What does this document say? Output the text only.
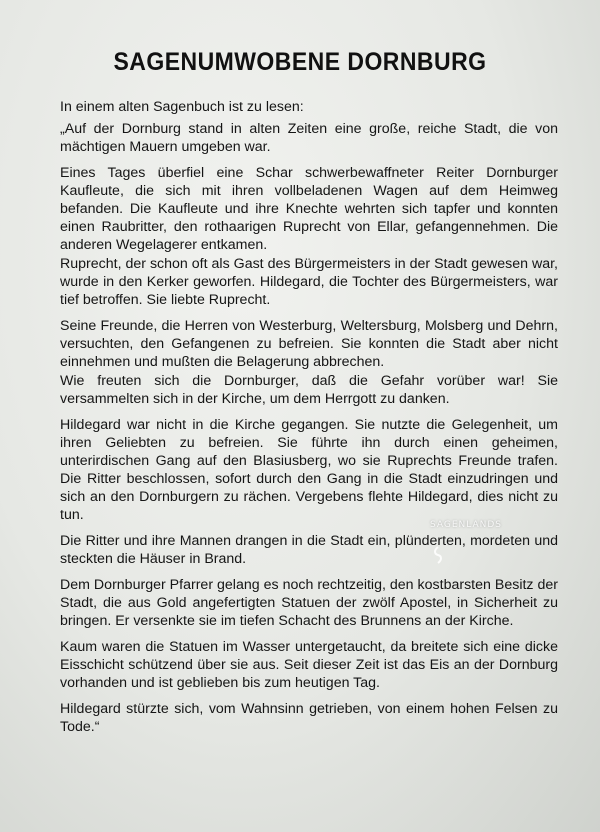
SAGENUMWOBENE DORNBURG

In einem alten Sagenbuch ist zu lesen:

„Auf der Dornburg stand in alten Zeiten eine große, reiche Stadt, die von mächtigen Mauern umgeben war.

Eines Tages überfiel eine Schar schwerbewaffneter Reiter Dornburger Kaufleute, die sich mit ihren vollbeladenen Wagen auf dem Heimweg befanden. Die Kaufleute und ihre Knechte wehrten sich tapfer und konnten einen Raubritter, den rothaarigen Ruprecht von Ellar, gefangennehmen. Die anderen Wegelagerer entkamen.

Ruprecht, der schon oft als Gast des Bürgermeisters in der Stadt gewesen war, wurde in den Kerker geworfen. Hildegard, die Tochter des Bürgermeisters, war tief betroffen. Sie liebte Ruprecht.

Seine Freunde, die Herren von Westerburg, Weltersburg, Molsberg und Dehrn, versuchten, den Gefangenen zu befreien. Sie konnten die Stadt aber nicht einnehmen und mußten die Belagerung abbrechen.

Wie freuten sich die Dornburger, daß die Gefahr vorüber war! Sie versammelten sich in der Kirche, um dem Herrgott zu danken.

Hildegard war nicht in die Kirche gegangen. Sie nutzte die Gelegenheit, um ihren Geliebten zu befreien. Sie führte ihn durch einen geheimen, unterirdischen Gang auf den Blasiusberg, wo sie Ruprechts Freunde trafen. Die Ritter beschlossen, sofort durch den Gang in die Stadt einzudringen und sich an den Dornburgern zu rächen. Vergebens flehte Hildegard, dies nicht zu tun.

Die Ritter und ihre Mannen drangen in die Stadt ein, plünderten, mordeten und steckten die Häuser in Brand.

Dem Dornburger Pfarrer gelang es noch rechtzeitig, den kostbarsten Besitz der Stadt, die aus Gold angefertigten Statuen der zwölf Apostel, in Sicherheit zu bringen. Er versenkte sie im tiefen Schacht des Brunnens an der Kirche.

Kaum waren die Statuen im Wasser untergetaucht, da breitete sich eine dicke Eisschicht schützend über sie aus. Seit dieser Zeit ist das Eis an der Dornburg vorhanden und ist geblieben bis zum heutigen Tag.

Hildegard stürzte sich, vom Wahnsinn getrieben, von einem hohen Felsen zu Tode.“

SAGENLANDS
